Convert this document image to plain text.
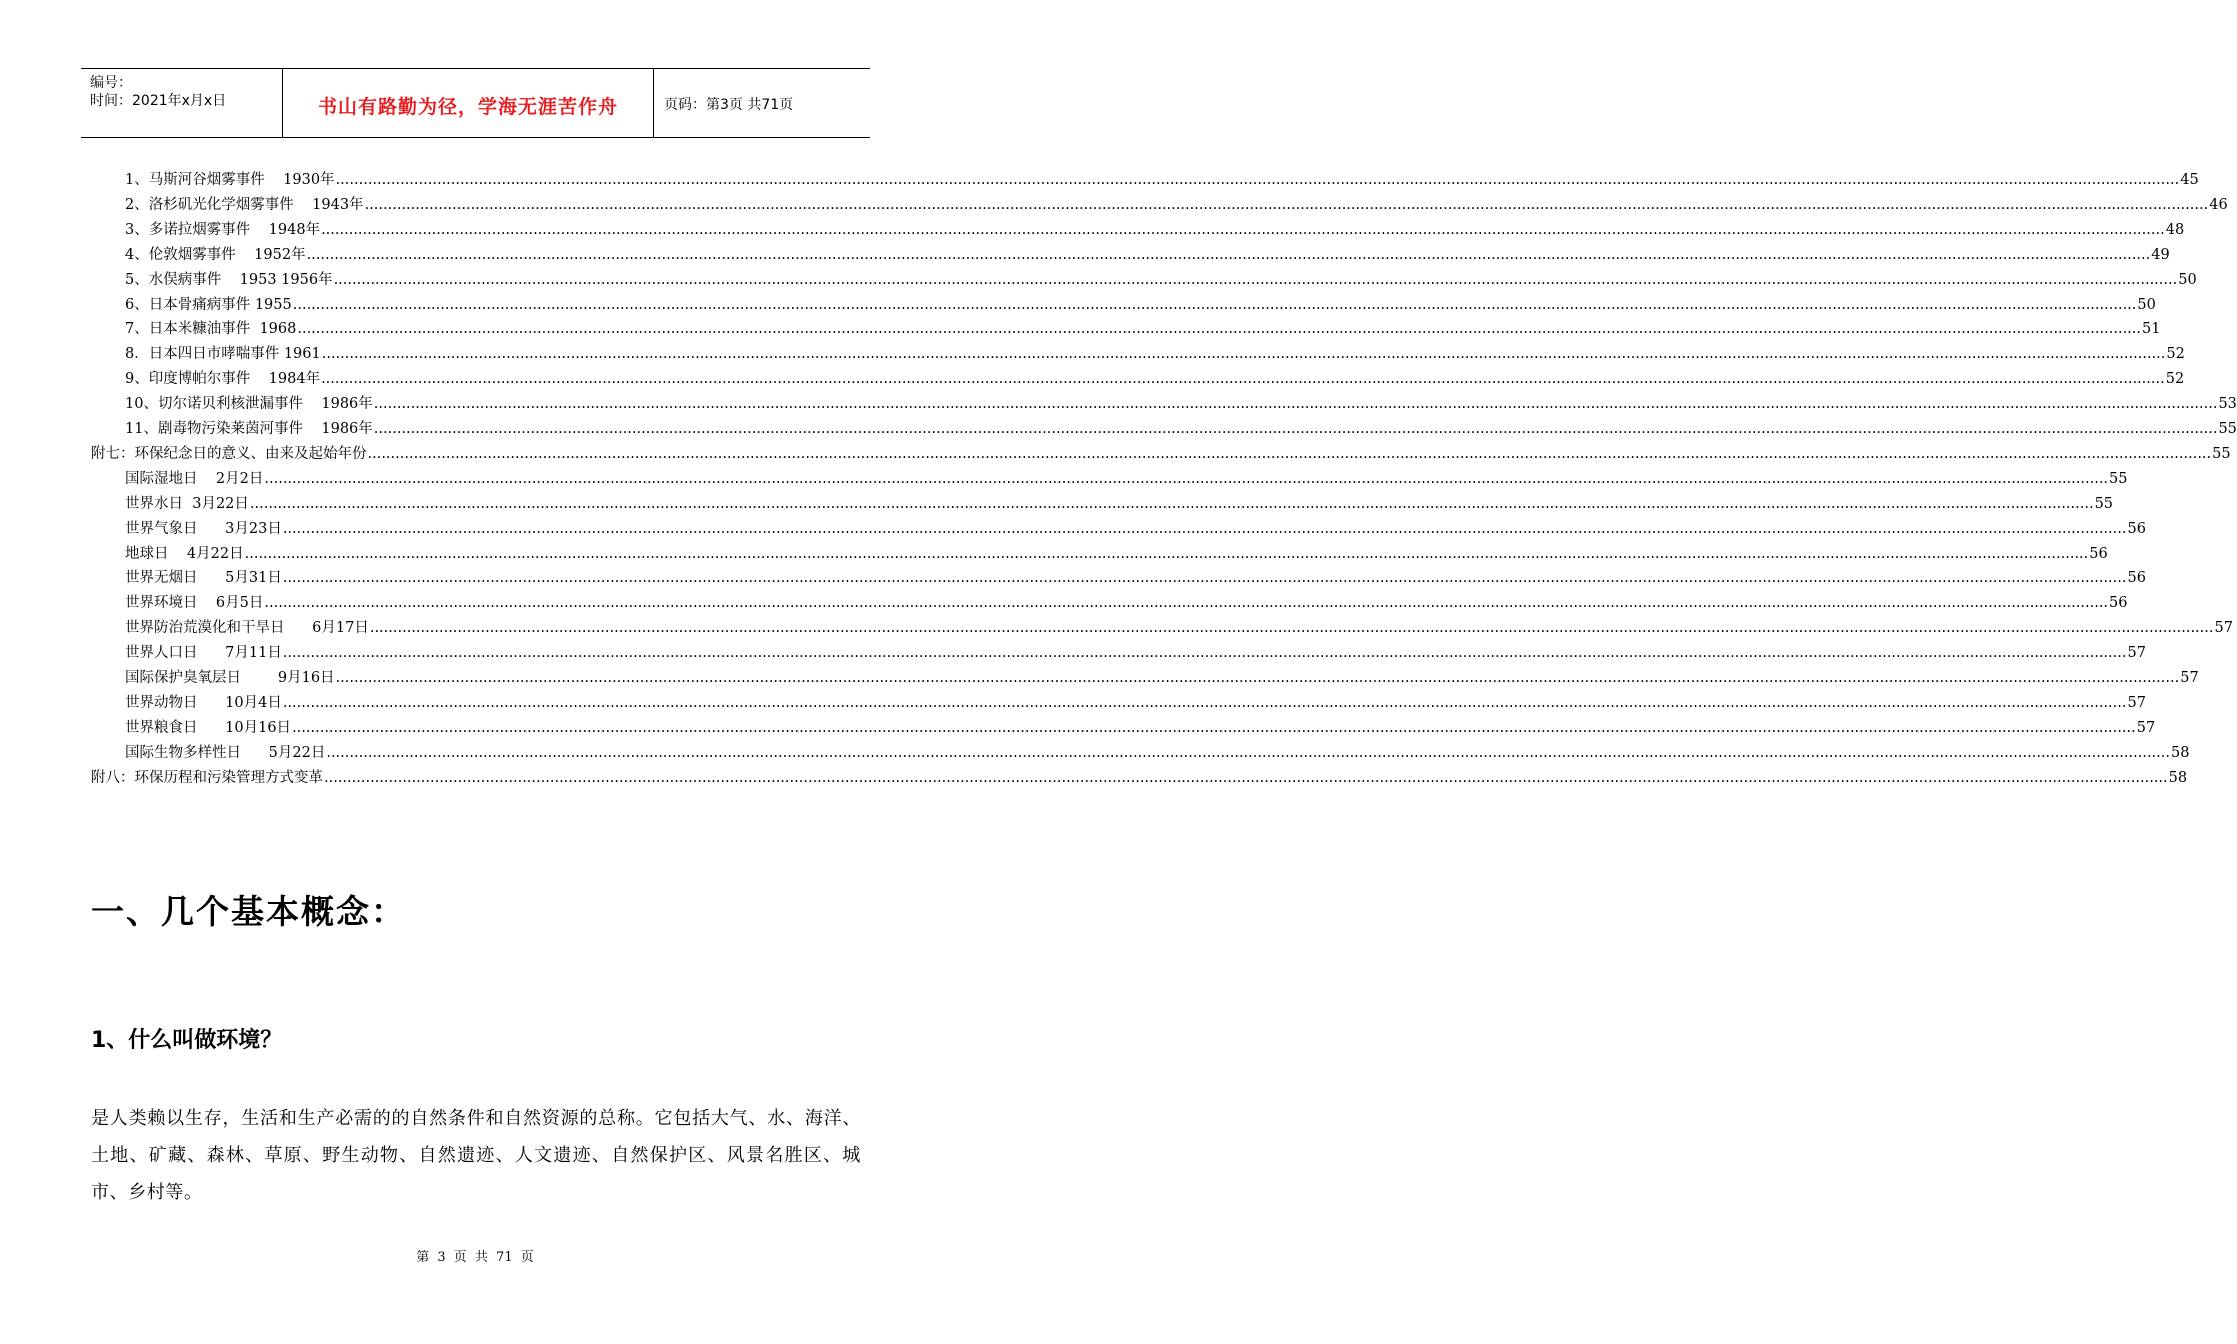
编号：
时间：2021年x月x日	书山有路勤为径，学海无涯苦作舟	页码：第3页 共71页
1、马斯河谷烟雾事件    1930年 ................................................................................................................................................................................................................................................................................................................................................................................................................ 45
2、洛杉矶光化学烟雾事件    1943年 ................................................................................................................................................................................................................................................................................................................................................................................................................ 46
3、多诺拉烟雾事件    1948年 ................................................................................................................................................................................................................................................................................................................................................................................................................ 48
4、伦敦烟雾事件    1952年 ................................................................................................................................................................................................................................................................................................................................................................................................................ 49
5、水俣病事件    1953 1956年 ................................................................................................................................................................................................................................................................................................................................................................................................................ 50
6、日本骨痛病事件 1955 ................................................................................................................................................................................................................................................................................................................................................................................................................ 50
7、日本米糠油事件  1968 ................................................................................................................................................................................................................................................................................................................................................................................................................ 51
8．日本四日市哮喘事件 1961 ................................................................................................................................................................................................................................................................................................................................................................................................................ 52
9、印度博帕尔事件    1984年 ................................................................................................................................................................................................................................................................................................................................................................................................................ 52
10、切尔诺贝利核泄漏事件    1986年 ................................................................................................................................................................................................................................................................................................................................................................................................................ 53
11、剧毒物污染莱茵河事件    1986年 ................................................................................................................................................................................................................................................................................................................................................................................................................ 55
附七：环保纪念日的意义、由来及起始年份 ................................................................................................................................................................................................................................................................................................................................................................................................................ 55
国际湿地日    2月2日 ................................................................................................................................................................................................................................................................................................................................................................................................................ 55
世界水日  3月22日 ................................................................................................................................................................................................................................................................................................................................................................................................................ 55
世界气象日      3月23日 ................................................................................................................................................................................................................................................................................................................................................................................................................ 56
地球日    4月22日 ................................................................................................................................................................................................................................................................................................................................................................................................................ 56
世界无烟日      5月31日 ................................................................................................................................................................................................................................................................................................................................................................................................................ 56
世界环境日    6月5日 ................................................................................................................................................................................................................................................................................................................................................................................................................ 56
世界防治荒漠化和干旱日      6月17日 ................................................................................................................................................................................................................................................................................................................................................................................................................ 57
世界人口日      7月11日 ................................................................................................................................................................................................................................................................................................................................................................................................................ 57
国际保护臭氧层日        9月16日 ................................................................................................................................................................................................................................................................................................................................................................................................................ 57
世界动物日      10月4日 ................................................................................................................................................................................................................................................................................................................................................................................................................ 57
世界粮食日      10月16日 ................................................................................................................................................................................................................................................................................................................................................................................................................ 57
国际生物多样性日      5月22日 ................................................................................................................................................................................................................................................................................................................................................................................................................ 58
附八：环保历程和污染管理方式变革 ................................................................................................................................................................................................................................................................................................................................................................................................................ 58
一、几个基本概念：
1、什么叫做环境？
是人类赖以生存，生活和生产必需的的自然条件和自然资源的总称。它包括大气、水、海洋、土地、矿藏、森林、草原、野生动物、自然遗迹、人文遗迹、自然保护区、风景名胜区、城市、乡村等。
第 3 页 共 71 页
